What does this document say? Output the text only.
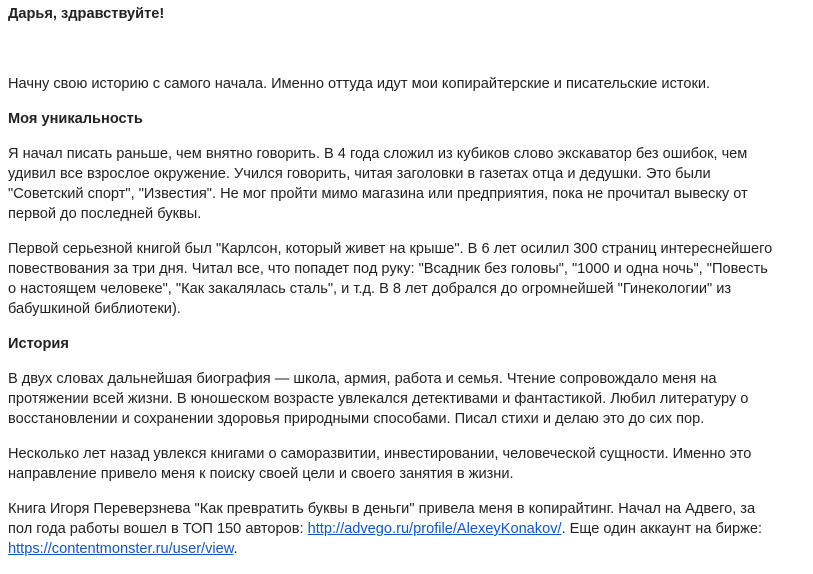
Дарья, здравствуйте!

Начну свою историю с самого начала. Именно оттуда идут мои копирайтерские и писательские истоки.

Моя уникальность

Я начал писать раньше, чем внятно говорить. В 4 года сложил из кубиков слово экскаватор без ошибок, чем удивил все взрослое окружение. Учился говорить, читая заголовки в газетах отца и дедушки. Это были "Советский спорт", "Известия". Не мог пройти мимо магазина или предприятия, пока не прочитал вывеску от первой до последней буквы.

Первой серьезной книгой был "Карлсон, который живет на крыше". В 6 лет осилил 300 страниц интереснейшего повествования за три дня. Читал все, что попадет под руку: "Всадник без головы", "1000 и одна ночь", "Повесть о настоящем человеке", "Как закалялась сталь", и т.д. В 8 лет добрался до огромнейшей "Гинекологии" из бабушкиной библиотеки).

История

В двух словах дальнейшая биография — школа, армия, работа и семья. Чтение сопровождало меня на протяжении всей жизни. В юношеском возрасте увлекался детективами и фантастикой. Любил литературу о восстановлении и сохранении здоровья природными способами. Писал стихи и делаю это до сих пор.

Несколько лет назад увлекся книгами о саморазвитии, инвестировании, человеческой сущности. Именно это направление привело меня к поиску своей цели и своего занятия в жизни.

Книга Игоря Переверзнева "Как превратить буквы в деньги" привела меня в копирайтинг. Начал на Адвего, за пол года работы вошел в ТОП 150 авторов: http://advego.ru/profile/AlexeyKonakov/. Еще один аккаунт на бирже: https://contentmonster.ru/user/view.
